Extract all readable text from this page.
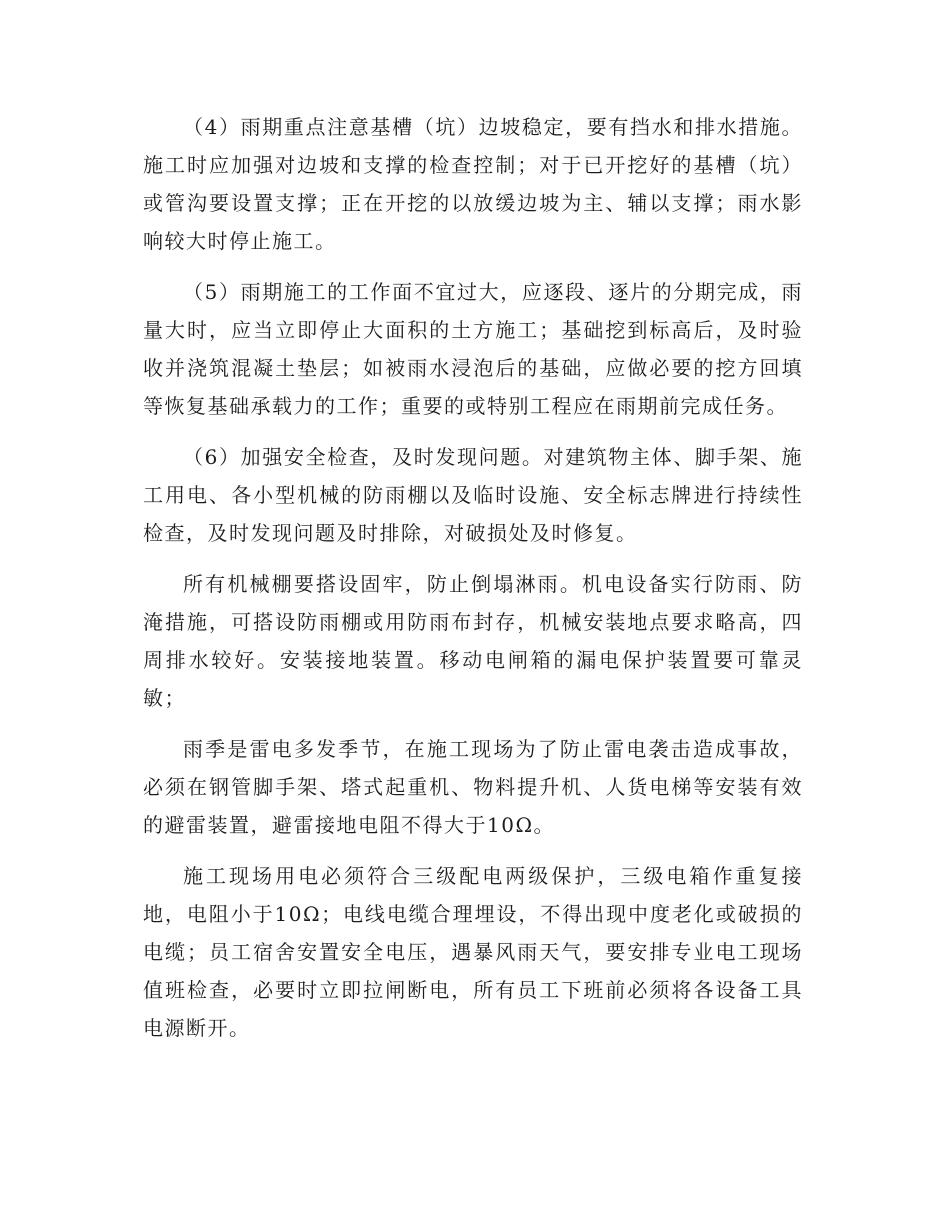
（4）雨期重点注意基槽（坑）边坡稳定，要有挡水和排水措施。施工时应加强对边坡和支撑的检查控制；对于已开挖好的基槽（坑）或管沟要设置支撑；正在开挖的以放缓边坡为主、辅以支撑；雨水影响较大时停止施工。

（5）雨期施工的工作面不宜过大，应逐段、逐片的分期完成，雨量大时，应当立即停止大面积的土方施工；基础挖到标高后，及时验收并浇筑混凝土垫层；如被雨水浸泡后的基础，应做必要的挖方回填等恢复基础承载力的工作；重要的或特别工程应在雨期前完成任务。

（6）加强安全检查，及时发现问题。对建筑物主体、脚手架、施工用电、各小型机械的防雨棚以及临时设施、安全标志牌进行持续性检查，及时发现问题及时排除，对破损处及时修复。

所有机械棚要搭设固牢，防止倒塌淋雨。机电设备实行防雨、防淹措施，可搭设防雨棚或用防雨布封存，机械安装地点要求略高，四周排水较好。安装接地装置。移动电闸箱的漏电保护装置要可靠灵敏；

雨季是雷电多发季节，在施工现场为了防止雷电袭击造成事故，必须在钢管脚手架、塔式起重机、物料提升机、人货电梯等安装有效的避雷装置，避雷接地电阻不得大于10Ω。

施工现场用电必须符合三级配电两级保护，三级电箱作重复接地，电阻小于10Ω；电线电缆合理埋设，不得出现中度老化或破损的电缆；员工宿舍安置安全电压，遇暴风雨天气，要安排专业电工现场值班检查，必要时立即拉闸断电，所有员工下班前必须将各设备工具电源断开。
